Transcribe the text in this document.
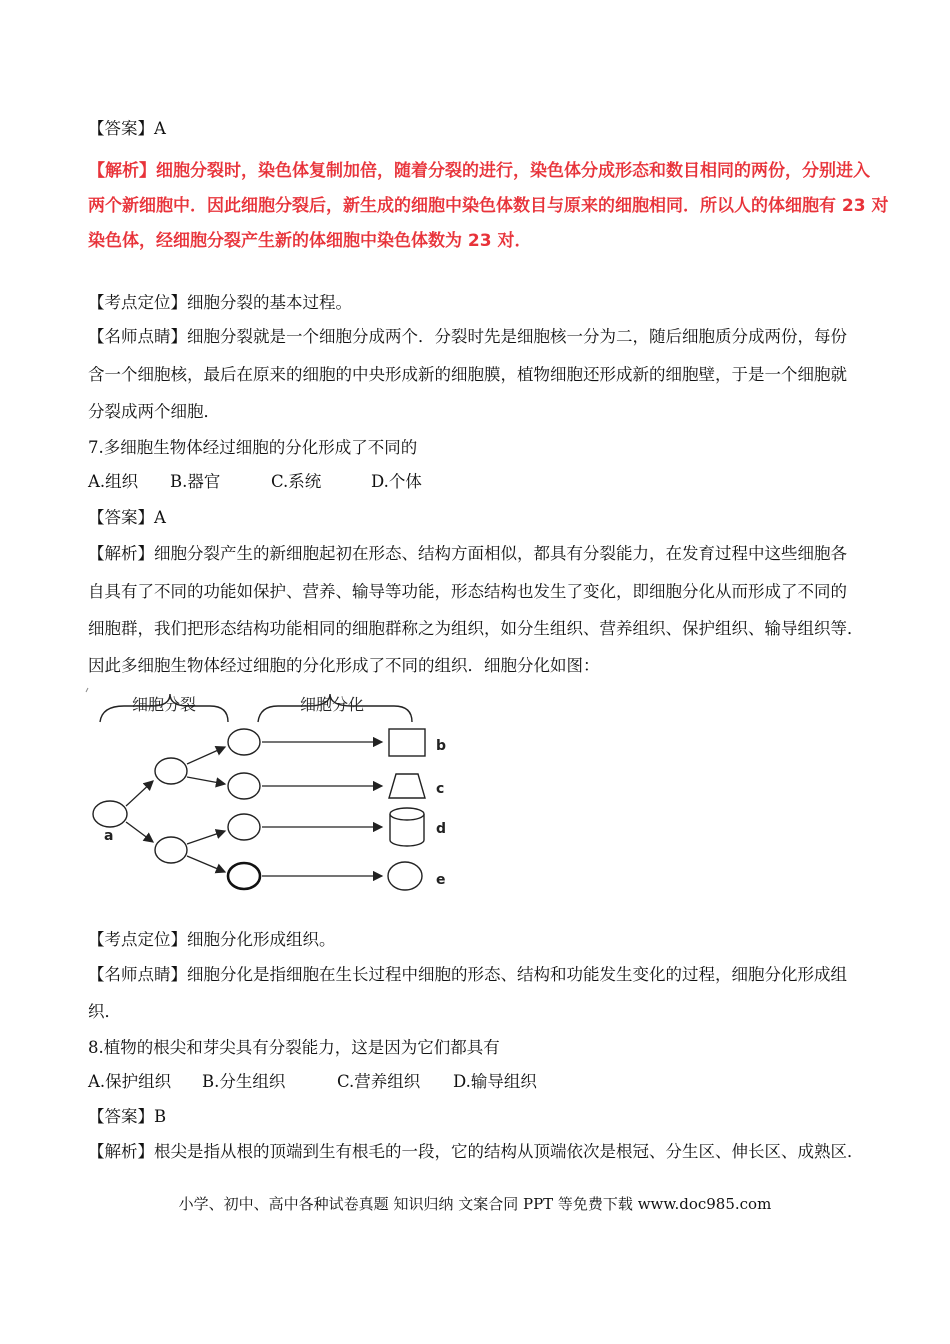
【答案】A
【解析】细胞分裂时，染色体复制加倍，随着分裂的进行，染色体分成形态和数目相同的两份，分别进入
两个新细胞中．因此细胞分裂后，新生成的细胞中染色体数目与原来的细胞相同．所以人的体细胞有 23 对
染色体，经细胞分裂产生新的体细胞中染色体数为 23 对．
【考点定位】细胞分裂的基本过程。
【名师点睛】细胞分裂就是一个细胞分成两个．分裂时先是细胞核一分为二，随后细胞质分成两份，每份
含一个细胞核，最后在原来的细胞的中央形成新的细胞膜，植物细胞还形成新的细胞壁，于是一个细胞就
分裂成两个细胞．
7.多细胞生物体经过细胞的分化形成了不同的
A.组织 B.器官	C.系统	D.个体
【答案】A
【解析】细胞分裂产生的新细胞起初在形态、结构方面相似，都具有分裂能力，在发育过程中这些细胞各
自具有了不同的功能如保护、营养、输导等功能，形态结构也发生了变化，即细胞分化从而形成了不同的
细胞群，我们把形态结构功能相同的细胞群称之为组织，如分生组织、营养组织、保护组织、输导组织等．
因此多细胞生物体经过细胞的分化形成了不同的组织．细胞分化如图：
细胞分裂	细胞分化
a
b
c
d
e
【考点定位】细胞分化形成组织。
【名师点睛】细胞分化是指细胞在生长过程中细胞的形态、结构和功能发生变化的过程，细胞分化形成组
织．
8.植物的根尖和芽尖具有分裂能力，这是因为它们都具有
A.保护组织 B.分生组织	C.营养组织 D.输导组织
【答案】B
【解析】根尖是指从根的顶端到生有根毛的一段，它的结构从顶端依次是根冠、分生区、伸长区、成熟区．
小学、初中、高中各种试卷真题 知识归纳 文案合同 PPT 等免费下载 www.doc985.com
